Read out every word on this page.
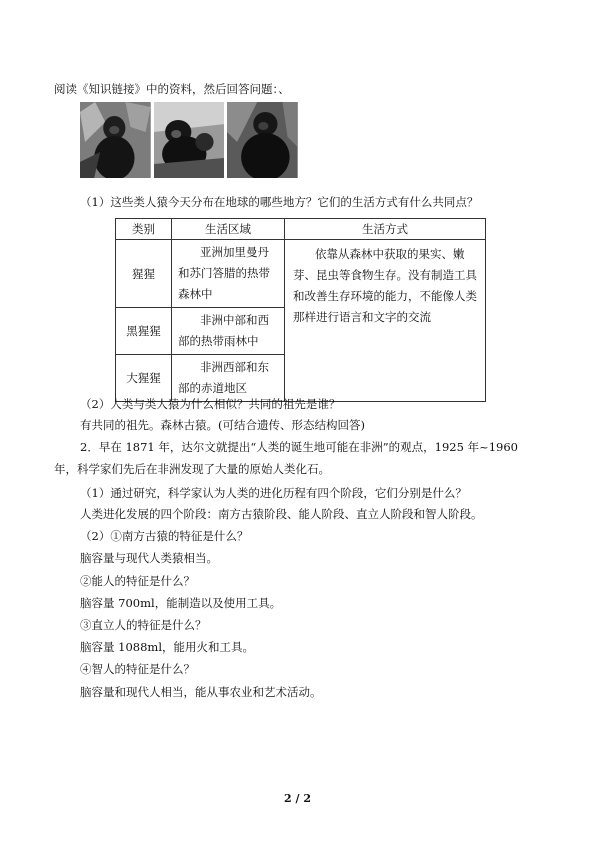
阅读《知识链接》中的资料，然后回答问题：、
（1）这些类人猿今天分布在地球的哪些地方？它们的生活方式有什么共同点？
类别	生活区域	生活方式
猩猩	亚洲加里曼丹和苏门答腊的热带森林中	依靠从森林中获取的果实、嫩芽、昆虫等食物生存。没有制造工具和改善生存环境的能力，不能像人类那样进行语言和文字的交流
黑猩猩	非洲中部和西部的热带雨林中	
大猩猩	非洲西部和东部的赤道地区	
（2）人类与类人猿为什么相似？共同的祖先是谁？
有共同的祖先。森林古猿。(可结合遗传、形态结构回答)
2．早在 1871 年，达尔文就提出“人类的诞生地可能在非洲”的观点，1925 年~1960
年，科学家们先后在非洲发现了大量的原始人类化石。
（1）通过研究，科学家认为人类的进化历程有四个阶段，它们分别是什么？
人类进化发展的四个阶段：南方古猿阶段、能人阶段、直立人阶段和智人阶段。
（2）①南方古猿的特征是什么？
脑容量与现代人类猿相当。
②能人的特征是什么？
脑容量 700ml，能制造以及使用工具。
③直立人的特征是什么？
脑容量 1088ml，能用火和工具。
④智人的特征是什么？
脑容量和现代人相当，能从事农业和艺术活动。
2 / 2
